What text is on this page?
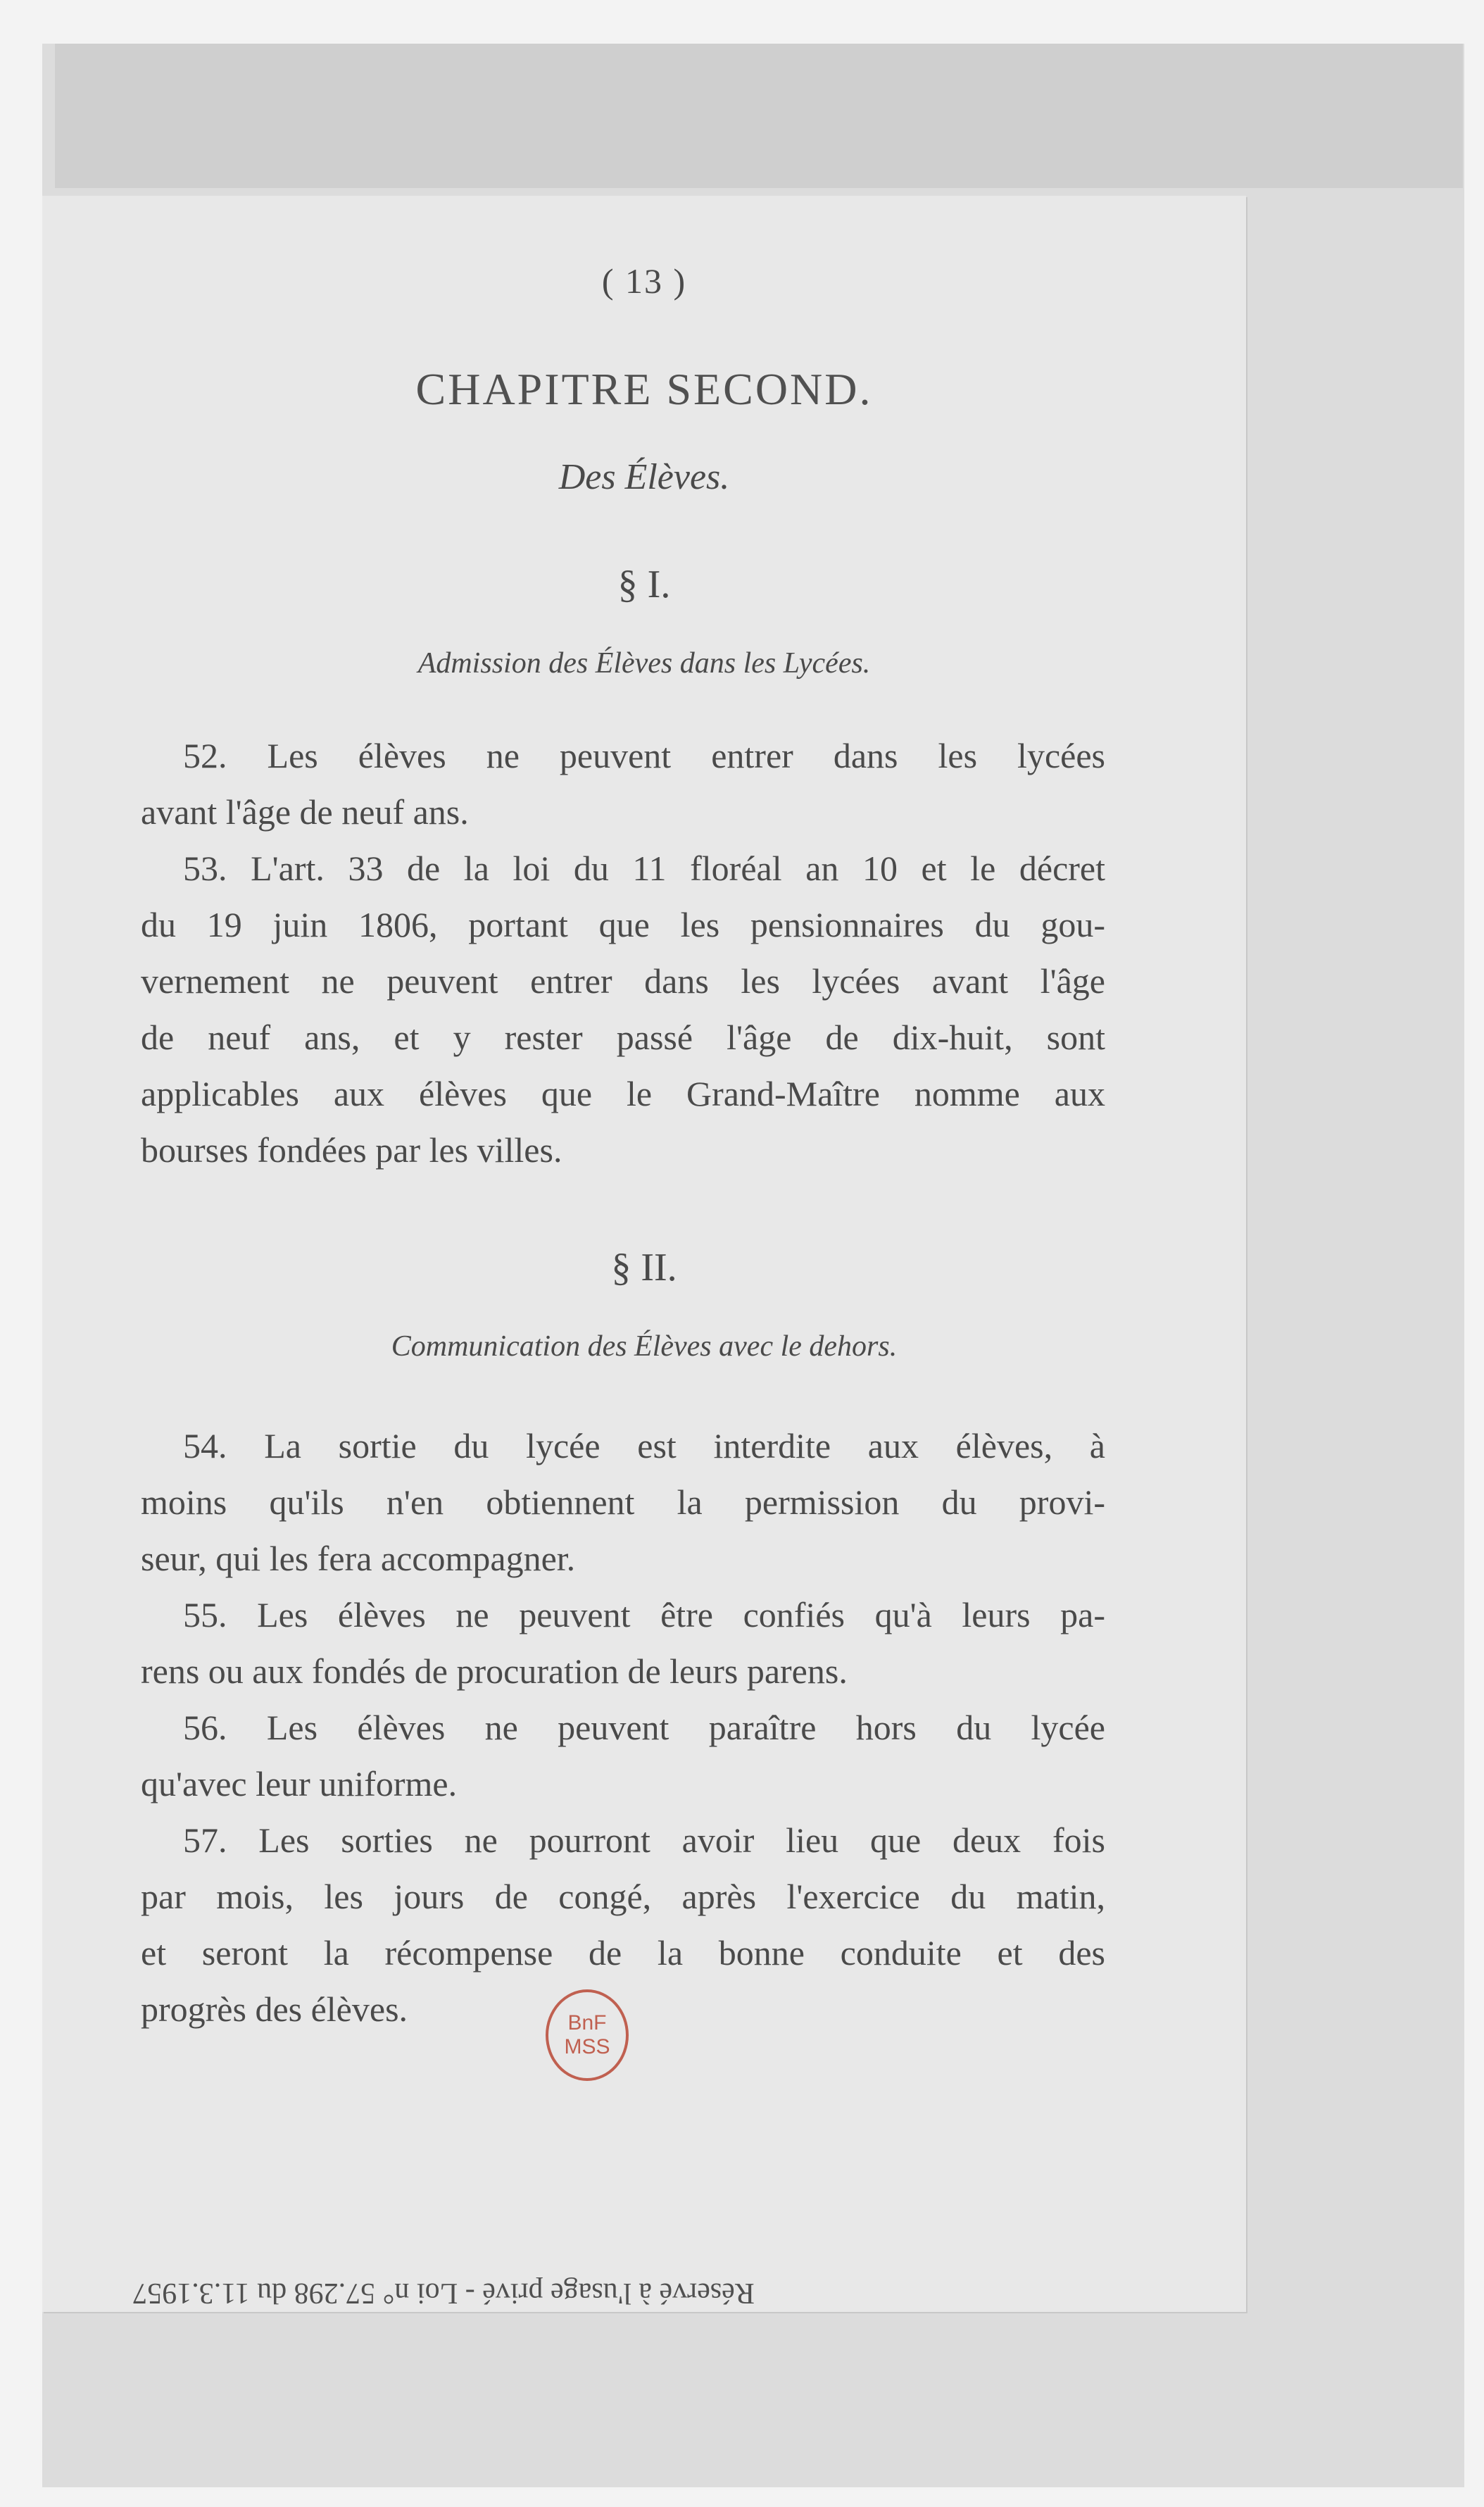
( 13 )
CHAPITRE SECOND.
Des Élèves.
§ I.
Admission des Élèves dans les Lycées.
52. Les élèves ne peuvent entrer dans les lycées
avant l'âge de neuf ans.
53. L'art. 33 de la loi du 11 floréal an 10 et le décret
du 19 juin 1806, portant que les pensionnaires du gou-
vernement ne peuvent entrer dans les lycées avant l'âge
de neuf ans, et y rester passé l'âge de dix-huit, sont
applicables aux élèves que le Grand-Maître nomme aux
bourses fondées par les villes.
§ II.
Communication des Élèves avec le dehors.
54. La sortie du lycée est interdite aux élèves, à
moins qu'ils n'en obtiennent la permission du provi-
seur, qui les fera accompagner.
55. Les élèves ne peuvent être confiés qu'à leurs pa-
rens ou aux fondés de procuration de leurs parens.
56. Les élèves ne peuvent paraître hors du lycée
qu'avec leur uniforme.
57. Les sorties ne pourront avoir lieu que deux fois
par mois, les jours de congé, après l'exercice du matin,
et seront la récompense de la bonne conduite et des
progrès des élèves.	BnF
MSS
Réservé à l'usage privé - Loi n° 57.298 du 11.3.1957
